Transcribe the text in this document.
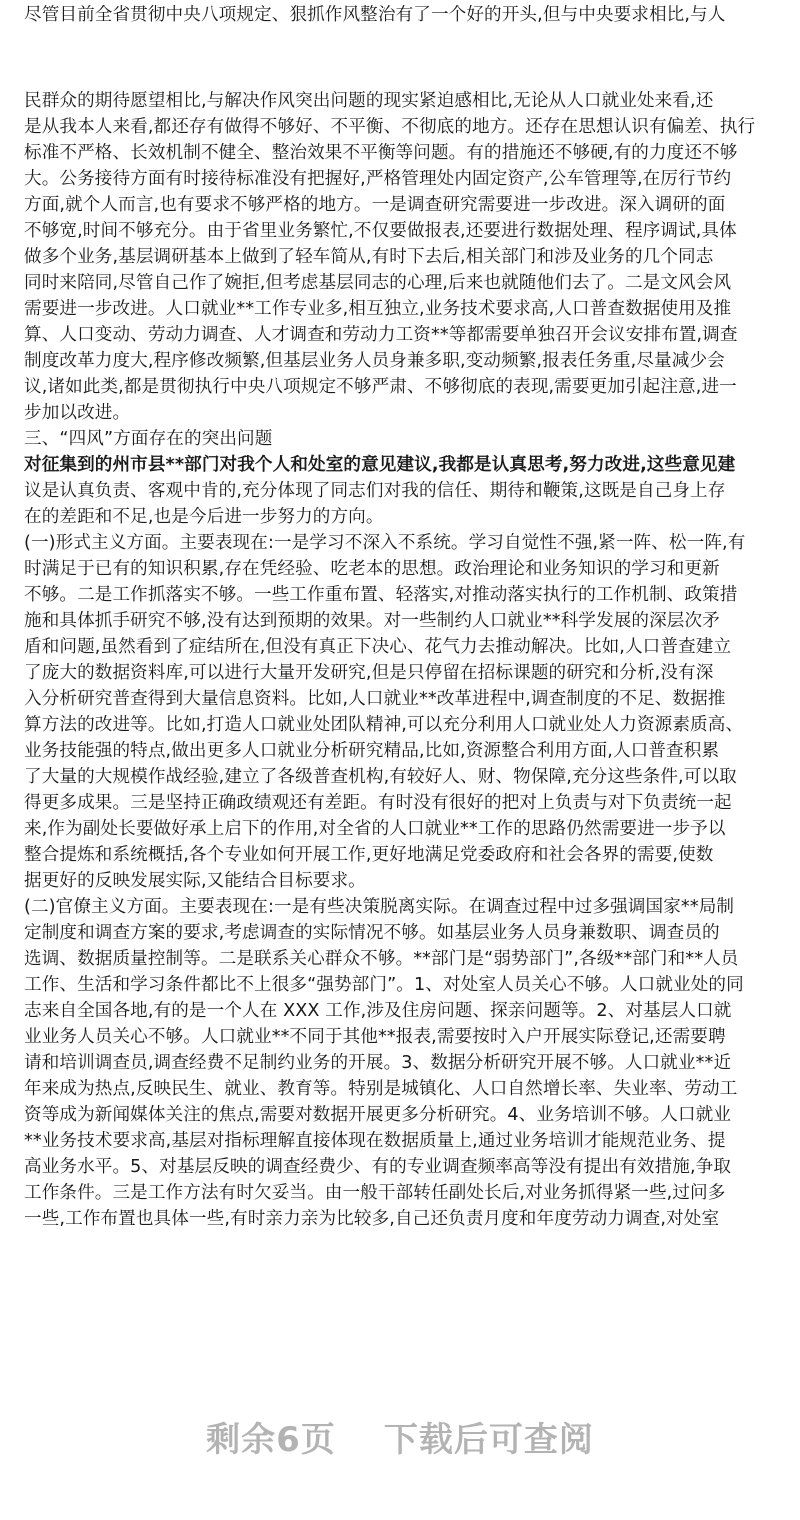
尽管目前全省贯彻中央八项规定、狠抓作风整治有了一个好的开头,但与中央要求相比,与人
民群众的期待愿望相比,与解决作风突出问题的现实紧迫感相比,无论从人口就业处来看,还
是从我本人来看,都还存有做得不够好、不平衡、不彻底的地方。还存在思想认识有偏差、执行
标准不严格、长效机制不健全、整治效果不平衡等问题。有的措施还不够硬,有的力度还不够
大。公务接待方面有时接待标准没有把握好,严格管理处内固定资产,公车管理等,在厉行节约
方面,就个人而言,也有要求不够严格的地方。一是调查研究需要进一步改进。深入调研的面
不够宽,时间不够充分。由于省里业务繁忙,不仅要做报表,还要进行数据处理、程序调试,具体
做多个业务,基层调研基本上做到了轻车简从,有时下去后,相关部门和涉及业务的几个同志
同时来陪同,尽管自己作了婉拒,但考虑基层同志的心理,后来也就随他们去了。二是文风会风
需要进一步改进。人口就业**工作专业多,相互独立,业务技术要求高,人口普查数据使用及推
算、人口变动、劳动力调查、人才调查和劳动力工资**等都需要单独召开会议安排布置,调查
制度改革力度大,程序修改频繁,但基层业务人员身兼多职,变动频繁,报表任务重,尽量减少会
议,诸如此类,都是贯彻执行中央八项规定不够严肃、不够彻底的表现,需要更加引起注意,进一
步加以改进。
三、“四风”方面存在的突出问题
对征集到的州市县**部门对我个人和处室的意见建议,我都是认真思考,努力改进,这些意见建
议是认真负责、客观中肯的,充分体现了同志们对我的信任、期待和鞭策,这既是自己身上存
在的差距和不足,也是今后进一步努力的方向。
(一)形式主义方面。主要表现在:一是学习不深入不系统。学习自觉性不强,紧一阵、松一阵,有
时满足于已有的知识积累,存在凭经验、吃老本的思想。政治理论和业务知识的学习和更新
不够。二是工作抓落实不够。一些工作重布置、轻落实,对推动落实执行的工作机制、政策措
施和具体抓手研究不够,没有达到预期的效果。对一些制约人口就业**科学发展的深层次矛
盾和问题,虽然看到了症结所在,但没有真正下决心、花气力去推动解决。比如,人口普查建立
了庞大的数据资料库,可以进行大量开发研究,但是只停留在招标课题的研究和分析,没有深
入分析研究普查得到大量信息资料。比如,人口就业**改革进程中,调查制度的不足、数据推
算方法的改进等。比如,打造人口就业处团队精神,可以充分利用人口就业处人力资源素质高、
业务技能强的特点,做出更多人口就业分析研究精品,比如,资源整合利用方面,人口普查积累
了大量的大规模作战经验,建立了各级普查机构,有较好人、财、物保障,充分这些条件,可以取
得更多成果。三是坚持正确政绩观还有差距。有时没有很好的把对上负责与对下负责统一起
来,作为副处长要做好承上启下的作用,对全省的人口就业**工作的思路仍然需要进一步予以
整合提炼和系统概括,各个专业如何开展工作,更好地满足党委政府和社会各界的需要,使数
据更好的反映发展实际,又能结合目标要求。
(二)官僚主义方面。主要表现在:一是有些决策脱离实际。在调查过程中过多强调国家**局制
定制度和调查方案的要求,考虑调查的实际情况不够。如基层业务人员身兼数职、调查员的
选调、数据质量控制等。二是联系关心群众不够。**部门是“弱势部门”,各级**部门和**人员
工作、生活和学习条件都比不上很多“强势部门”。1、对处室人员关心不够。人口就业处的同
志来自全国各地,有的是一个人在 XXX 工作,涉及住房问题、探亲问题等。2、对基层人口就
业业务人员关心不够。人口就业**不同于其他**报表,需要按时入户开展实际登记,还需要聘
请和培训调查员,调查经费不足制约业务的开展。3、数据分析研究开展不够。人口就业**近
年来成为热点,反映民生、就业、教育等。特别是城镇化、人口自然增长率、失业率、劳动工
资等成为新闻媒体关注的焦点,需要对数据开展更多分析研究。4、业务培训不够。人口就业
**业务技术要求高,基层对指标理解直接体现在数据质量上,通过业务培训才能规范业务、提
高业务水平。5、对基层反映的调查经费少、有的专业调查频率高等没有提出有效措施,争取
工作条件。三是工作方法有时欠妥当。由一般干部转任副处长后,对业务抓得紧一些,过问多
一些,工作布置也具体一些,有时亲力亲为比较多,自己还负责月度和年度劳动力调查,对处室
剩余6页 下载后可查阅
